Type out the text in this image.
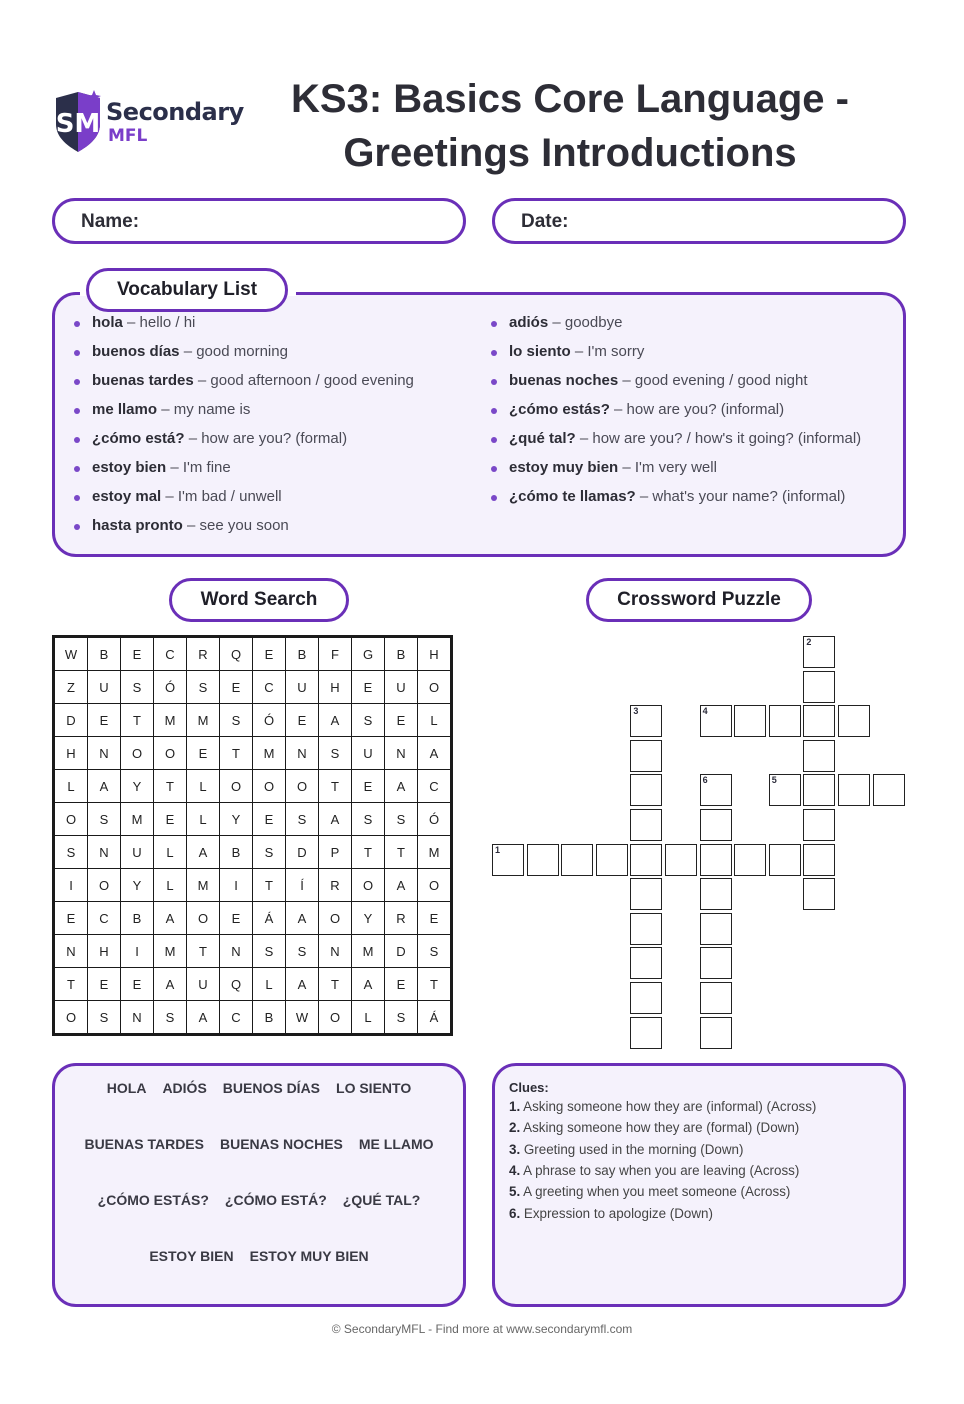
SM Secondary
MFL
KS3: Basics Core Language -
Greetings Introductions
Name:	Date:
Vocabulary List
hola – hello / hi
buenos días – good morning
buenas tardes – good afternoon / good evening
me llamo – my name is
¿cómo está? – how are you? (formal)
estoy bien – I'm fine
estoy mal – I'm bad / unwell
hasta pronto – see you soon
adiós – goodbye
lo siento – I'm sorry
buenas noches – good evening / good night
¿cómo estás? – how are you? (informal)
¿qué tal? – how are you? / how's it going? (informal)
estoy muy bien – I'm very well
¿cómo te llamas? – what's your name? (informal)
Word Search	Crossword Puzzle
W	B	E	C	R	Q	E	B	F	G	B	H
Z	U	S	Ó	S	E	C	U	H	E	U	O
D	E	T	M	M	S	Ó	E	A	S	E	L
H	N	O	O	E	T	M	N	S	U	N	A
L	A	Y	T	L	O	O	O	T	E	A	C
O	S	M	E	L	Y	E	S	A	S	S	Ó
S	N	U	L	A	B	S	D	P	T	T	M
I	O	Y	L	M	I	T	Í	R	O	A	O
E	C	B	A	O	E	Á	A	O	Y	R	E
N	H	I	M	T	N	S	S	N	M	D	S
T	E	E	A	U	Q	L	A	T	A	E	T
O	S	N	S	A	C	B	W	O	L	S	Á
2
4
3
5
6
1
HOLA ADIÓS BUENOS DÍAS LO SIENTO
BUENAS TARDES BUENAS NOCHES ME LLAMO
¿CÓMO ESTÁS? ¿CÓMO ESTÁ? ¿QUÉ TAL?
ESTOY BIEN ESTOY MUY BIEN
Clues:
1. Asking someone how they are (informal) (Across)
2. Asking someone how they are (formal) (Down)
3. Greeting used in the morning (Down)
4. A phrase to say when you are leaving (Across)
5. A greeting when you meet someone (Across)
6. Expression to apologize (Down)
© SecondaryMFL - Find more at www.secondarymfl.com
